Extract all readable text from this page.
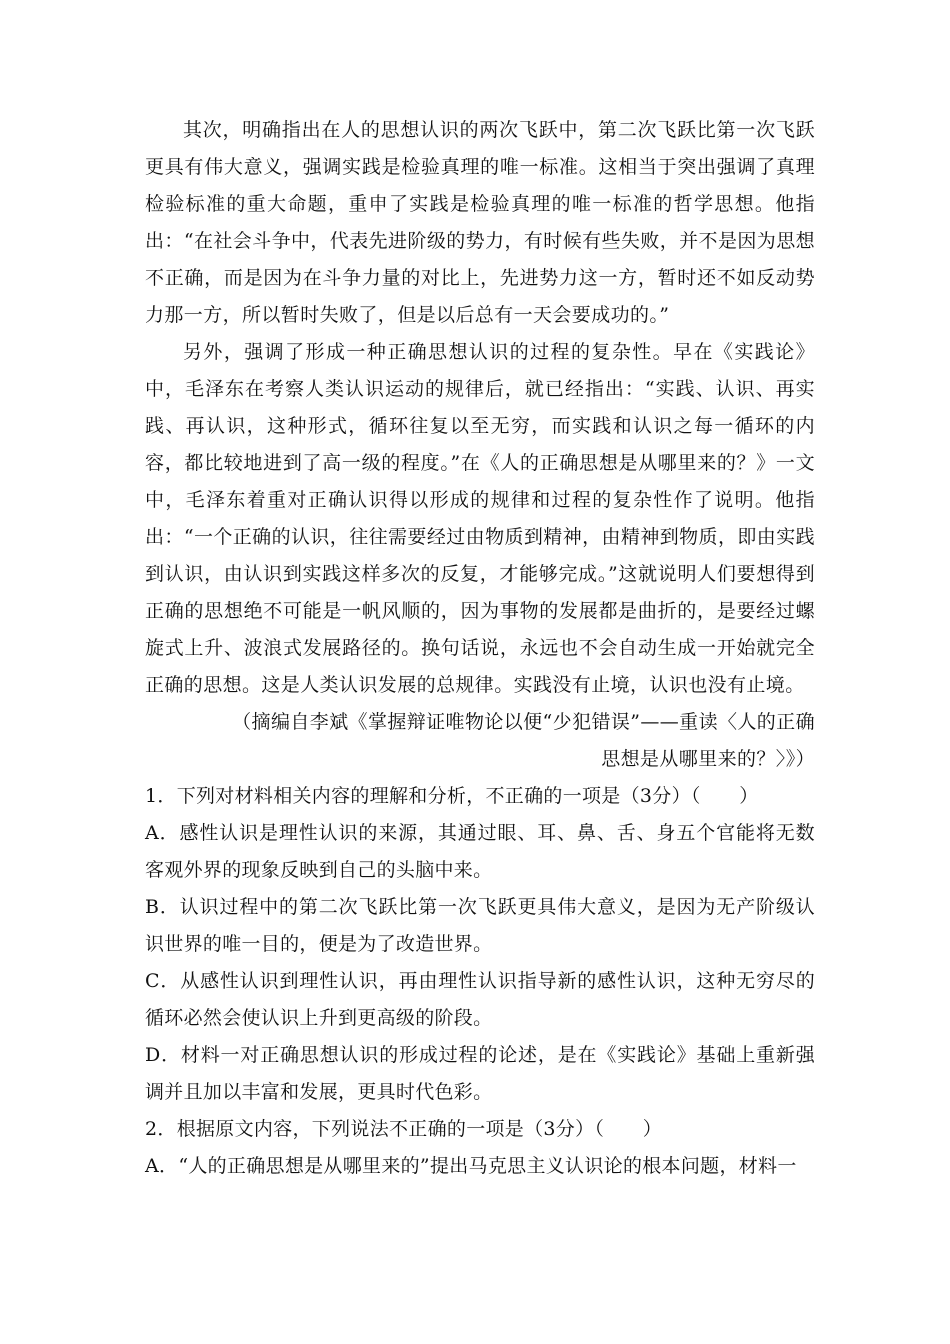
其次，明确指出在人的思想认识的两次飞跃中，第二次飞跃比第一次飞跃更具有伟大意义，强调实践是检验真理的唯一标准。这相当于突出强调了真理检验标准的重大命题，重申了实践是检验真理的唯一标准的哲学思想。他指出：“在社会斗争中，代表先进阶级的势力，有时候有些失败，并不是因为思想不正确，而是因为在斗争力量的对比上，先进势力这一方，暂时还不如反动势力那一方，所以暂时失败了，但是以后总有一天会要成功的。”

另外，强调了形成一种正确思想认识的过程的复杂性。早在《实践论》中，毛泽东在考察人类认识运动的规律后，就已经指出：“实践、认识、再实践、再认识，这种形式，循环往复以至无穷，而实践和认识之每一循环的内容，都比较地进到了高一级的程度。”在《人的正确思想是从哪里来的？》一文中，毛泽东着重对正确认识得以形成的规律和过程的复杂性作了说明。他指出：“一个正确的认识，往往需要经过由物质到精神，由精神到物质，即由实践到认识，由认识到实践这样多次的反复，才能够完成。”这就说明人们要想得到正确的思想绝不可能是一帆风顺的，因为事物的发展都是曲折的，是要经过螺旋式上升、波浪式发展路径的。换句话说，永远也不会自动生成一开始就完全正确的思想。这是人类认识发展的总规律。实践没有止境，认识也没有止境。

（摘编自李斌《掌握辩证唯物论以便“少犯错误”——重读〈人的正确思想是从哪里来的？〉》）

1．下列对材料相关内容的理解和分析，不正确的一项是（3分）（　　）

A．感性认识是理性认识的来源，其通过眼、耳、鼻、舌、身五个官能将无数客观外界的现象反映到自己的头脑中来。

B．认识过程中的第二次飞跃比第一次飞跃更具伟大意义，是因为无产阶级认识世界的唯一目的，便是为了改造世界。

C．从感性认识到理性认识，再由理性认识指导新的感性认识，这种无穷尽的循环必然会使认识上升到更高级的阶段。

D．材料一对正确思想认识的形成过程的论述，是在《实践论》基础上重新强调并且加以丰富和发展，更具时代色彩。

2．根据原文内容，下列说法不正确的一项是（3分）（　　）

A．“人的正确思想是从哪里来的”提出马克思主义认识论的根本问题，材料一
